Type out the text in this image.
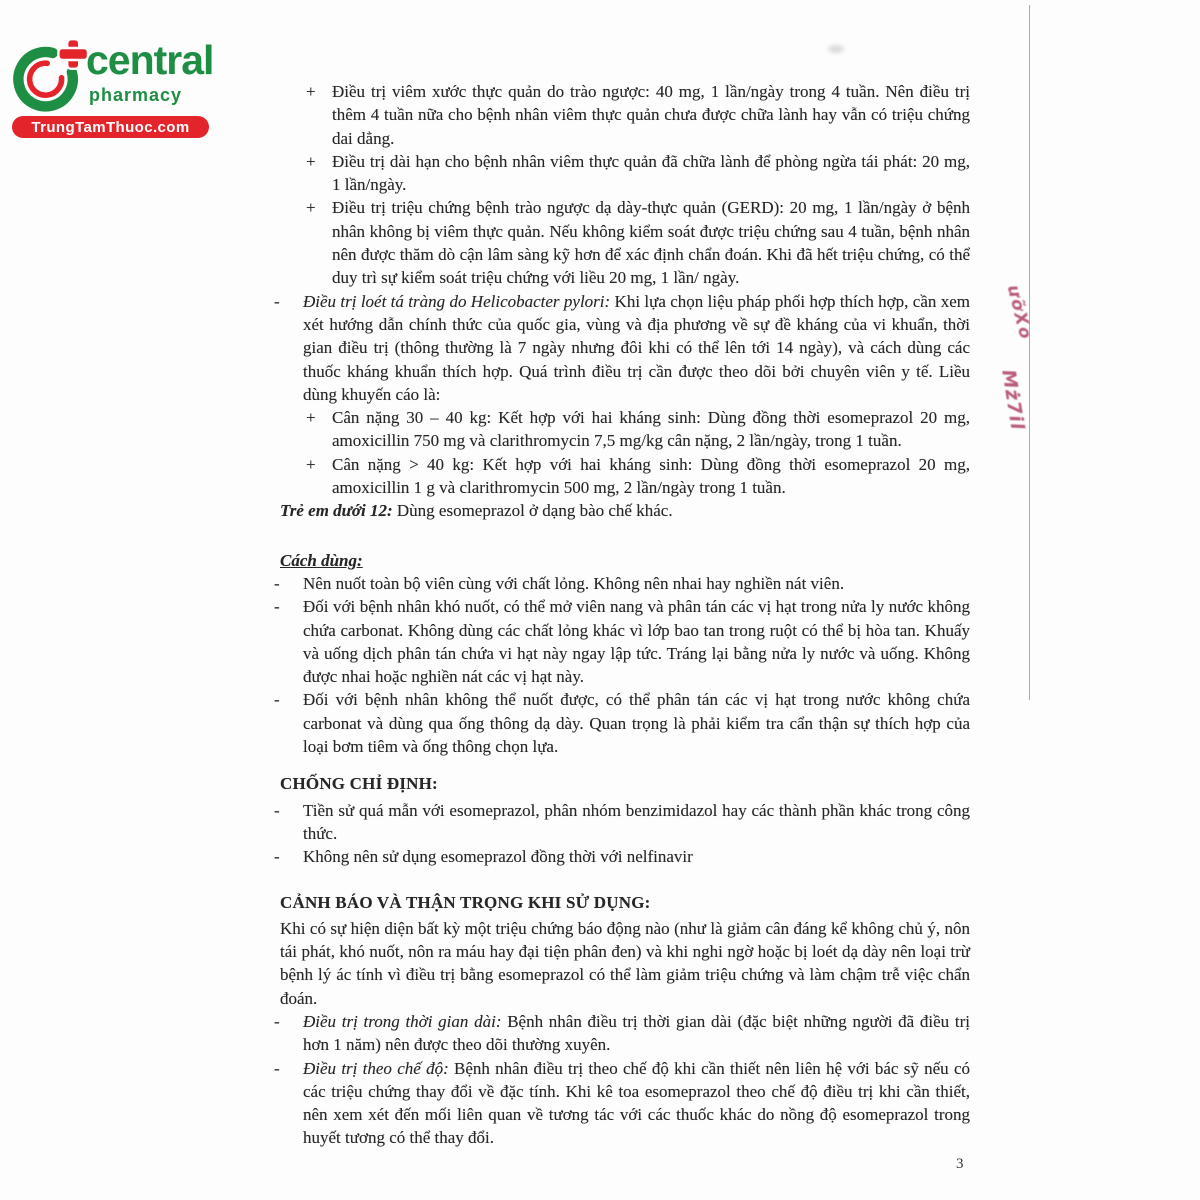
central
pharmacy
TrungTamThuoc.com
+ Điều trị viêm xước thực quản do trào ngược: 40 mg, 1 lần/ngày trong 4 tuần. Nên điều trị thêm 4 tuần nữa cho bệnh nhân viêm thực quản chưa được chữa lành hay vẫn có triệu chứng dai dẳng.
+ Điều trị dài hạn cho bệnh nhân viêm thực quản đã chữa lành để phòng ngừa tái phát: 20 mg, 1 lần/ngày.
+ Điều trị triệu chứng bệnh trào ngược dạ dày-thực quản (GERD): 20 mg, 1 lần/ngày ở bệnh nhân không bị viêm thực quản. Nếu không kiểm soát được triệu chứng sau 4 tuần, bệnh nhân nên được thăm dò cận lâm sàng kỹ hơn để xác định chẩn đoán. Khi đã hết triệu chứng, có thể duy trì sự kiểm soát triệu chứng với liều 20 mg, 1 lần/ ngày.
- Điều trị loét tá tràng do Helicobacter pylori: Khi lựa chọn liệu pháp phối hợp thích hợp, cần xem xét hướng dẫn chính thức của quốc gia, vùng và địa phương về sự đề kháng của vi khuẩn, thời gian điều trị (thông thường là 7 ngày nhưng đôi khi có thể lên tới 14 ngày), và cách dùng các thuốc kháng khuẩn thích hợp. Quá trình điều trị cần được theo dõi bởi chuyên viên y tế. Liều dùng khuyến cáo là:
+ Cân nặng 30 – 40 kg: Kết hợp với hai kháng sinh: Dùng đồng thời esomeprazol 20 mg, amoxicillin 750 mg và clarithromycin 7,5 mg/kg cân nặng, 2 lần/ngày, trong 1 tuần.
+ Cân nặng > 40 kg: Kết hợp với hai kháng sinh: Dùng đồng thời esomeprazol 20 mg, amoxicillin 1 g và clarithromycin 500 mg, 2 lần/ngày trong 1 tuần.
Trẻ em dưới 12: Dùng esomeprazol ở dạng bào chế khác.
Cách dùng:
- Nên nuốt toàn bộ viên cùng với chất lỏng. Không nên nhai hay nghiền nát viên.
- Đối với bệnh nhân khó nuốt, có thể mở viên nang và phân tán các vị hạt trong nửa ly nước không chứa carbonat. Không dùng các chất lỏng khác vì lớp bao tan trong ruột có thể bị hòa tan. Khuấy và uống dịch phân tán chứa vi hạt này ngay lập tức. Tráng lại bằng nửa ly nước và uống. Không được nhai hoặc nghiền nát các vị hạt này.
- Đối với bệnh nhân không thể nuốt được, có thể phân tán các vị hạt trong nước không chứa carbonat và dùng qua ống thông dạ dày. Quan trọng là phải kiểm tra cẩn thận sự thích hợp của loại bơm tiêm và ống thông chọn lựa.
CHỐNG CHỈ ĐỊNH:
- Tiền sử quá mẫn với esomeprazol, phân nhóm benzimidazol hay các thành phần khác trong công thức.
- Không nên sử dụng esomeprazol đồng thời với nelfinavir
CẢNH BÁO VÀ THẬN TRỌNG KHI SỬ DỤNG:
Khi có sự hiện diện bất kỳ một triệu chứng báo động nào (như là giảm cân đáng kể không chủ ý, nôn tái phát, khó nuốt, nôn ra máu hay đại tiện phân đen) và khi nghi ngờ hoặc bị loét dạ dày nên loại trừ bệnh lý ác tính vì điều trị bằng esomeprazol có thể làm giảm triệu chứng và làm chậm trễ việc chẩn đoán.
- Điều trị trong thời gian dài: Bệnh nhân điều trị thời gian dài (đặc biệt những người đã điều trị hơn 1 năm) nên được theo dõi thường xuyên.
- Điều trị theo chế độ: Bệnh nhân điều trị theo chế độ khi cần thiết nên liên hệ với bác sỹ nếu có các triệu chứng thay đổi về đặc tính. Khi kê toa esomeprazol theo chế độ điều trị khi cần thiết, nên xem xét đến mối liên quan về tương tác với các thuốc khác do nồng độ esomeprazol trong huyết tương có thể thay đổi.
ưỡXo
Mż7il
3
